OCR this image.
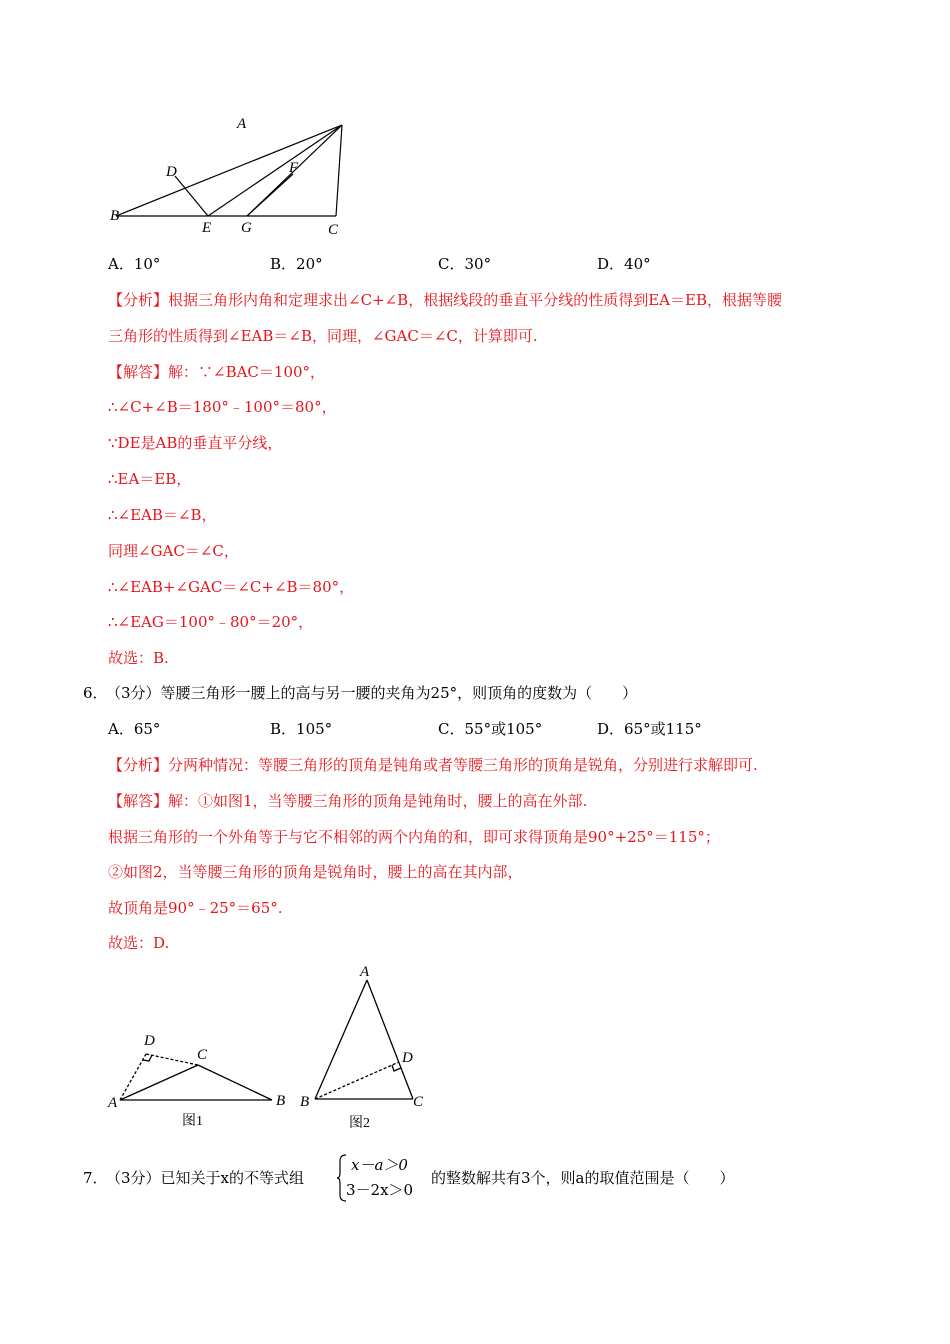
A
D	F
B
E G	C
A．10°	B．20°	C．30°	D．40°
【分析】根据三角形内角和定理求出∠C+∠B，根据线段的垂直平分线的性质得到EA＝EB，根据等腰
三角形的性质得到∠EAB＝∠B，同理，∠GAC＝∠C，计算即可.
【解答】解：∵∠BAC＝100°，
∴∠C+∠B＝180°﹣100°＝80°，
∵DE是AB的垂直平分线，
∴EA＝EB，
∴∠EAB＝∠B，
同理∠GAC＝∠C，
∴∠EAB+∠GAC＝∠C+∠B＝80°，
∴∠EAG＝100°﹣80°＝20°，
故选：B.
6．
（3分）等腰三角形一腰上的高与另一腰的夹角为25°，则顶角的度数为（　　）
A．65°	B．105°	C．55°或105°	D．65°或115°
【分析】分两种情况：等腰三角形的顶角是钝角或者等腰三角形的顶角是锐角，分别进行求解即可.
【解答】解：①如图1，当等腰三角形的顶角是钝角时，腰上的高在外部.
根据三角形的一个外角等于与它不相邻的两个内角的和，即可求得顶角是90°+25°＝115°；
②如图2，当等腰三角形的顶角是锐角时，腰上的高在其内部，
故顶角是90°﹣25°＝65°.
故选：D.
D
C
A	B
图1
A
D
B	C
图2
7．
（3分）已知关于x的不等式组
x－a＞0
3－2x＞0
的整数解共有3个，则a的取值范围是（　　）
